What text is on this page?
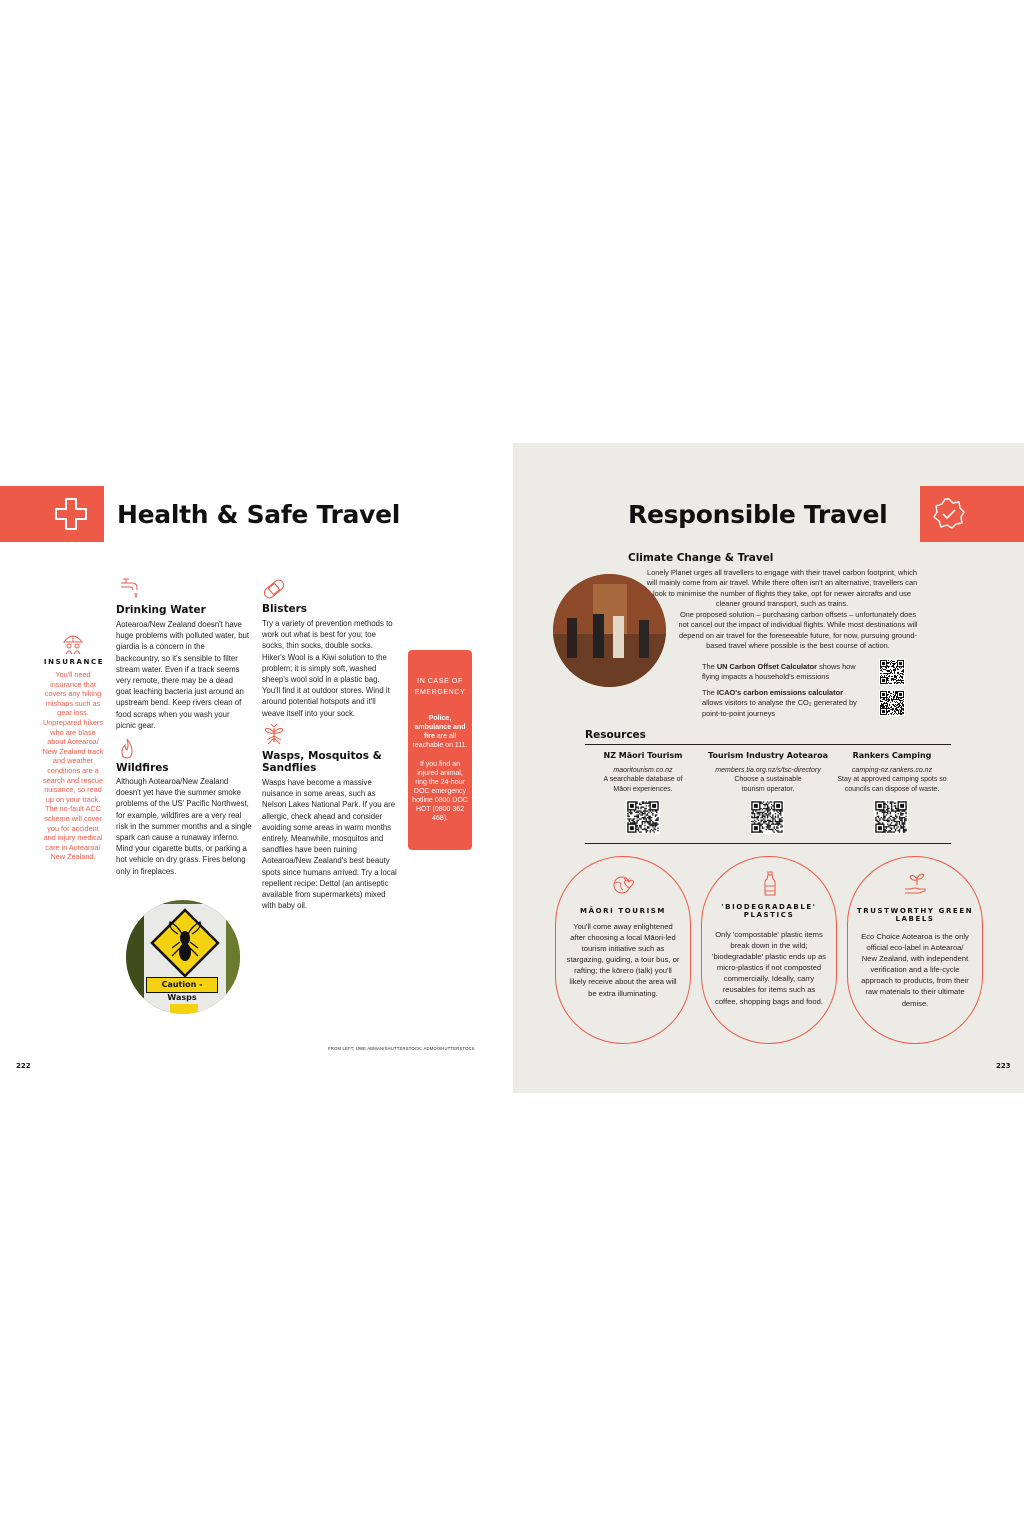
Health & Safe Travel
INSURANCE
You'll need insurance that covers any hiking mishaps such as gear loss. Unprepared hikers who are blase about Aotearoa/ New Zealand track and weather conditions are a search and rescue nuisance, so read up on your track. The no-fault ACC scheme will cover you for accident and injury medical care in Aotearoa/ New Zealand.
Drinking Water
Aotearoa/New Zealand doesn't have huge problems with polluted water, but giardia is a concern in the backcountry, so it's sensible to filter stream water. Even if a track seems very remote, there may be a dead goat leaching bacteria just around an upstream bend. Keep rivers clean of food scraps when you wash your picnic gear.
Wildfires
Although Aotearoa/New Zealand doesn't yet have the summer smoke problems of the US' Pacific Northwest, for example, wildfires are a very real risk in the summer months and a single spark can cause a runaway inferno. Mind your cigarette butts, or parking a hot vehicle on dry grass. Fires belong only in fireplaces.
Blisters
Try a variety of prevention methods to work out what is best for you; toe socks, thin socks, double socks. Hiker's Wool is a Kiwi solution to the problem; it is simply soft, washed sheep's wool sold in a plastic bag. You'll find it at outdoor stores. Wind it around potential hotspots and it'll weave itself into your sock.
Wasps, Mosquitos & Sandflies
Wasps have become a massive nuisance in some areas, such as Nelson Lakes National Park. If you are allergic, check ahead and consider avoiding some areas in warm months entirely. Meanwhile, mosquitos and sandflies have been ruining Aotearoa/New Zealand's best beauty spots since humans arrived. Try a local repellent recipe: Dettol (an antiseptic available from supermarkets) mixed with baby oil.
IN CASE OF EMERGENCY
Police, ambulance and fire are all reachable on 111.
If you find an injured animal, ring the 24-hour DOC emergency hotline 0800 DOC HOT (0800 362 468).
Caution - Wasps
FROM LEFT: UWE ABMAN/SHUTTERSTOCK; ADMO/SHUTTERSTOCK
222
Responsible Travel
Climate Change & Travel
Lonely Planet urges all travellers to engage with their travel carbon footprint, which will mainly come from air travel. While there often isn't an alternative, travellers can look to minimise the number of flights they take, opt for newer aircrafts and use cleaner ground transport, such as trains.
One proposed solution – purchasing carbon offsets – unfortunately does not cancel out the impact of individual flights. While most destinations will depend on air travel for the foreseeable future, for now, pursuing ground-based travel where possible is the best course of action.
The UN Carbon Offset Calculator shows how flying impacts a household's emissions
The ICAO's carbon emissions calculator allows visitors to analyse the CO₂ generated by point-to-point journeys
Resources
NZ Māori Tourism
maoritourism.co.nz
A searchable database of Māori experiences.
Tourism Industry Aotearoa
members.tia.org.nz/s/tsc-directory
Choose a sustainable tourism operator.
Rankers Camping
camping-nz.rankers.co.nz
Stay at approved camping spots so councils can dispose of waste.
MĀORI TOURISM
You'll come away enlightened after choosing a local Māori-led tourism initiative such as stargazing, guiding, a tour bus, or rafting; the kōrero (talk) you'll likely receive about the area will be extra illuminating.
'BIODEGRADABLE' PLASTICS
Only 'compostable' plastic items break down in the wild; 'biodegradable' plastic ends up as micro-plastics if not composted commercially. Ideally, carry reusables for items such as coffee, shopping bags and food.
TRUSTWORTHY GREEN LABELS
Eco Choice Aotearoa is the only official eco-label in Aotearoa/ New Zealand, with independent verification and a life-cycle approach to products, from their raw materials to their ultimate demise.
223
